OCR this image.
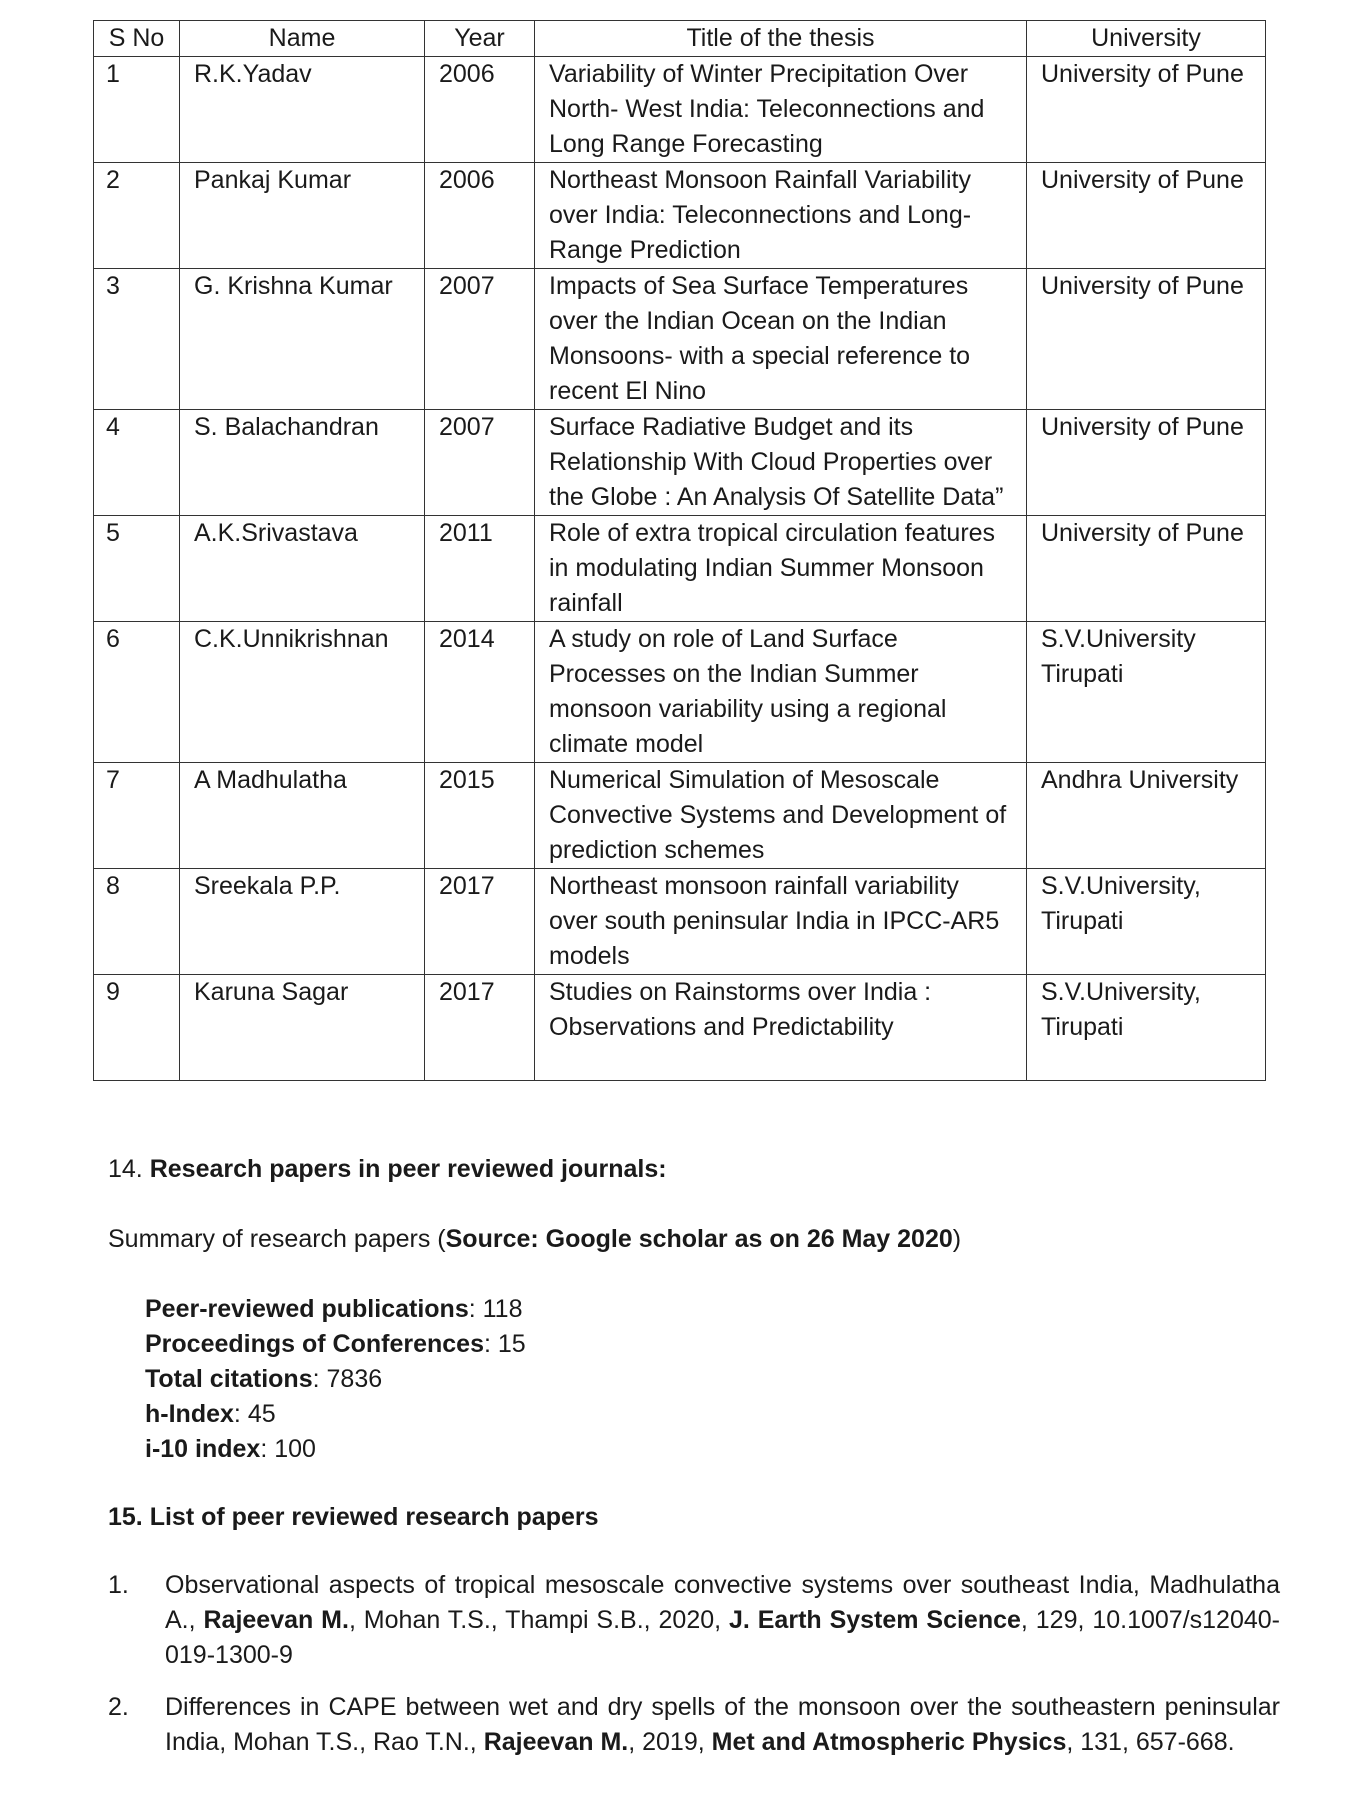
S No	Name	Year	Title of the thesis	University
1	R.K.Yadav	2006	Variability of Winter Precipitation Over North- West India: Teleconnections and Long Range Forecasting	University of Pune
2	Pankaj Kumar	2006	Northeast Monsoon Rainfall Variability over India: Teleconnections and Long-Range Prediction	University of Pune
3	G. Krishna Kumar	2007	Impacts of Sea Surface Temperatures over the Indian Ocean on the Indian Monsoons- with a special reference to recent El Nino	University of Pune
4	S. Balachandran	2007	Surface Radiative Budget and its Relationship With Cloud Properties over the Globe : An Analysis Of Satellite Data”	University of Pune
5	A.K.Srivastava	2011	Role of extra tropical circulation features in modulating Indian Summer Monsoon rainfall	University of Pune
6	C.K.Unnikrishnan	2014	A study on role of Land Surface Processes on the Indian Summer monsoon variability using a regional climate model	S.V.University Tirupati
7	A Madhulatha	2015	Numerical Simulation of Mesoscale Convective Systems and Development of prediction schemes	Andhra University
8	Sreekala P.P.	2017	Northeast monsoon rainfall variability over south peninsular India in IPCC-AR5 models	S.V.University, Tirupati
9	Karuna Sagar	2017	Studies on Rainstorms over India : Observations and Predictability	S.V.University, Tirupati
14. Research papers in peer reviewed journals:
Summary of research papers (Source: Google scholar as on 26 May 2020)
Peer-reviewed publications: 118
Proceedings of Conferences: 15
Total citations: 7836
h-Index: 45
i-10 index: 100
15. List of peer reviewed research papers
1.	Observational aspects of tropical mesoscale convective systems over southeast India, Madhulatha A., Rajeevan M., Mohan T.S., Thampi S.B., 2020, J. Earth System Science, 129, 10.1007/s12040-019-1300-9
2.	Differences in CAPE between wet and dry spells of the monsoon over the southeastern peninsular India, Mohan T.S., Rao T.N., Rajeevan M., 2019, Met and Atmospheric Physics, 131, 657-668.
